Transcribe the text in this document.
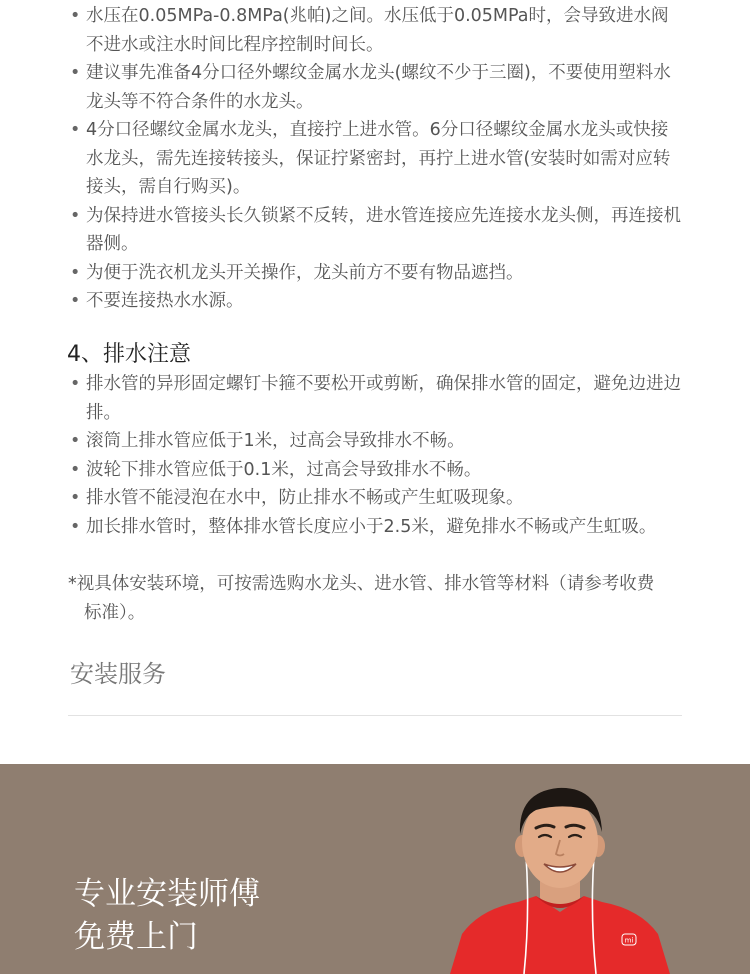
• 水压在0.05MPa-0.8MPa(兆帕)之间。水压低于0.05MPa时，会导致进水阀不进水或注水时间比程序控制时间长。
• 建议事先准备4分口径外螺纹金属水龙头(螺纹不少于三圈)，不要使用塑料水龙头等不符合条件的水龙头。
• 4分口径螺纹金属水龙头，直接拧上进水管。6分口径螺纹金属水龙头或快接水龙头，需先连接转接头，保证拧紧密封，再拧上进水管(安装时如需对应转接头，需自行购买)。
• 为保持进水管接头长久锁紧不反转，进水管连接应先连接水龙头侧，再连接机器侧。
• 为便于洗衣机龙头开关操作，龙头前方不要有物品遮挡。
• 不要连接热水水源。
4、排水注意
• 排水管的异形固定螺钉卡箍不要松开或剪断，确保排水管的固定，避免边进边排。
• 滚筒上排水管应低于1米，过高会导致排水不畅。
• 波轮下排水管应低于0.1米，过高会导致排水不畅。
• 排水管不能浸泡在水中，防止排水不畅或产生虹吸现象。
• 加长排水管时，整体排水管长度应小于2.5米，避免排水不畅或产生虹吸。
*视具体安装环境，可按需选购水龙头、进水管、排水管等材料（请参考收费
标准）。
安装服务
专业安装师傅
免费上门	mi
